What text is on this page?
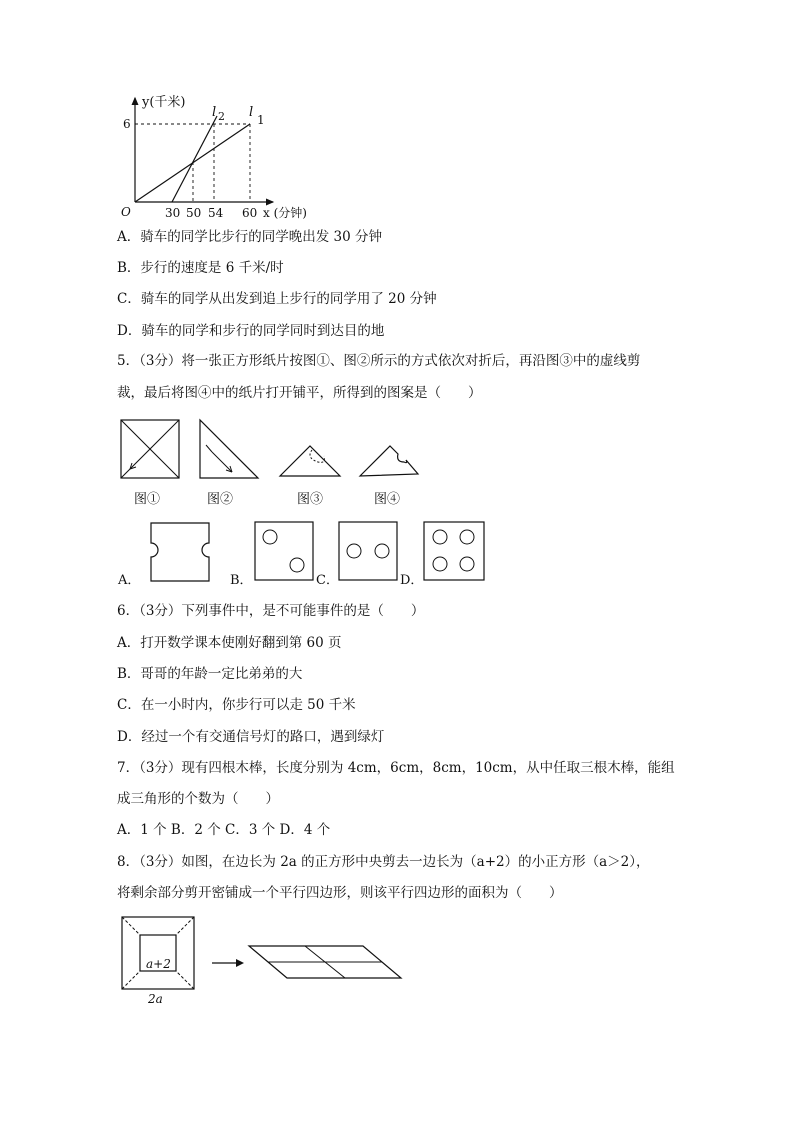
y(千米)
6
O	30 50 54 60 x (分钟)
l 2 l 1
A．骑车的同学比步行的同学晚出发 30 分钟
B．步行的速度是 6 千米/时
C．骑车的同学从出发到追上步行的同学用了 20 分钟
D．骑车的同学和步行的同学同时到达目的地
5．（3分）将一张正方形纸片按图①、图②所示的方式依次对折后，再沿图③中的虚线剪
裁，最后将图④中的纸片打开铺平，所得到的图案是（　　）
图①	图②	图③	图④
A．	B．	C．	D．
6．（3分）下列事件中，是不可能事件的是（　　）
A．打开数学课本使刚好翻到第 60 页
B．哥哥的年龄一定比弟弟的大
C．在一小时内，你步行可以走 50 千米
D．经过一个有交通信号灯的路口，遇到绿灯
7．（3分）现有四根木棒，长度分别为 4cm，6cm，8cm，10cm，从中任取三根木棒，能组
成三角形的个数为（　　）
A．1 个 B．2 个 C．3 个 D．4 个
8．（3分）如图，在边长为 2a 的正方形中央剪去一边长为（a+2）的小正方形（a＞2），
将剩余部分剪开密铺成一个平行四边形，则该平行四边形的面积为（　　）
a+2
2a
